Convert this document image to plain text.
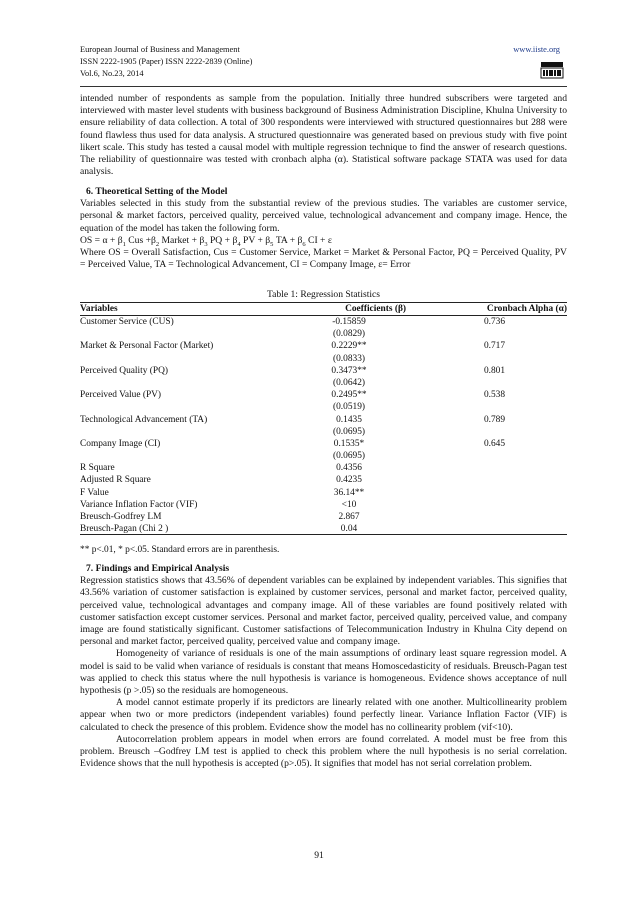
European Journal of Business and Management
ISSN 2222-1905 (Paper) ISSN 2222-2839 (Online)
Vol.6, No.23, 2014
www.iiste.org

intended number of respondents as sample from the population. Initially three hundred subscribers were targeted and interviewed with master level students with business background of Business Administration Discipline, Khulna University to ensure reliability of data collection. A total of 300 respondents were interviewed with structured questionnaires but 288 were found flawless thus used for data analysis. A structured questionnaire was generated based on previous study with five point likert scale. This study has tested a causal model with multiple regression technique to find the answer of research questions. The reliability of questionnaire was tested with cronbach alpha (α). Statistical software package STATA was used for data analysis.

6. Theoretical Setting of the Model

Variables selected in this study from the substantial review of the previous studies. The variables are customer service, personal & market factors, perceived quality, perceived value, technological advancement and company image. Hence, the equation of the model has taken the following form.

OS = $\alpha + \beta_1$ Cus $+\beta_2$ Market + $\beta_3$ PQ + $\beta_4$ PV + $\beta_5$ TA + $\beta_6$ CI + ε

Where OS = Overall Satisfaction, Cus = Customer Service, Market = Market & Personal Factor, PQ = Perceived Quality, PV = Perceived Value, TA = Technological Advancement, CI = Company Image, ε= Error

Table 1: Regression Statistics
Variables	Coefficients (β)	Cronbach Alpha (α)
Customer Service (CUS)	-0.15859	0.736
(0.0829)
Market & Personal Factor (Market)	0.2229**	0.717
(0.0833)
Perceived Quality (PQ)	0.3473**	0.801
(0.0642)
Perceived Value (PV)	0.2495**	0.538
(0.0519)
Technological Advancement (TA)	0.1435	0.789
(0.0695)
Company Image (CI)	0.1535*	0.645
(0.0695)
R Square	0.4356
Adjusted R Square	0.4235
F Value	36.14**
Variance Inflation Factor (VIF)	<10
Breusch-Godfrey LM	2.867
Breusch-Pagan (Chi 2 )	0.04
** p<.01, * p<.05. Standard errors are in parenthesis.

7. Findings and Empirical Analysis

Regression statistics shows that 43.56% of dependent variables can be explained by independent variables. This signifies that 43.56% variation of customer satisfaction is explained by customer services, personal and market factor, perceived quality, perceived value, technological advantages and company image. All of these variables are found positively related with customer satisfaction except customer services. Personal and market factor, perceived quality, perceived value, and company image are found statistically significant. Customer satisfactions of Telecommunication Industry in Khulna City depend on personal and market factor, perceived quality, perceived value and company image.

Homogeneity of variance of residuals is one of the main assumptions of ordinary least square regression model. A model is said to be valid when variance of residuals is constant that means Homoscedasticity of residuals. Breusch-Pagan test was applied to check this status where the null hypothesis is variance is homogeneous. Evidence shows acceptance of null hypothesis (p >.05) so the residuals are homogeneous.

A model cannot estimate properly if its predictors are linearly related with one another. Multicollinearity problem appear when two or more predictors (independent variables) found perfectly linear. Variance Inflation Factor (VIF) is calculated to check the presence of this problem. Evidence show the model has no collinearity problem (vif<10).

Autocorrelation problem appears in model when errors are found correlated. A model must be free from this problem. Breusch –Godfrey LM test is applied to check this problem where the null hypothesis is no serial correlation. Evidence shows that the null hypothesis is accepted (p>.05). It signifies that model has not serial correlation problem.

91
